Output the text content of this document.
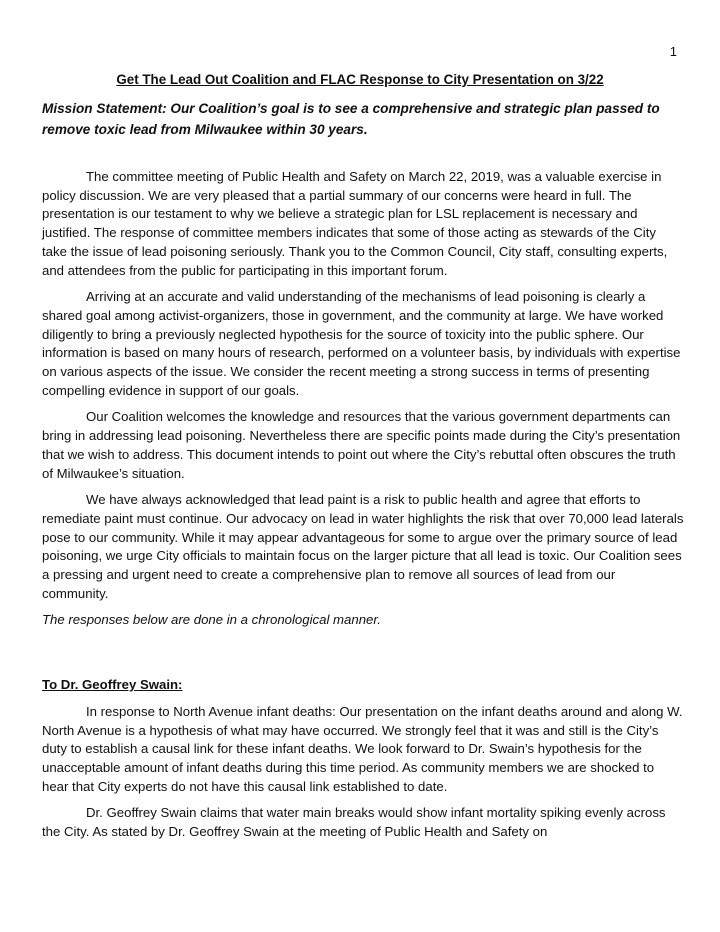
1
Get The Lead Out Coalition and FLAC Response to City Presentation on 3/22
Mission Statement: Our Coalition’s goal is to see a comprehensive and strategic plan passed to remove toxic lead from Milwaukee within 30 years.

The committee meeting of Public Health and Safety on March 22, 2019, was a valuable exercise in policy discussion. We are very pleased that a partial summary of our concerns were heard in full. The presentation is our testament to why we believe a strategic plan for LSL replacement is necessary and justified. The response of committee members indicates that some of those acting as stewards of the City take the issue of lead poisoning seriously. Thank you to the Common Council, City staff, consulting experts, and attendees from the public for participating in this important forum.

Arriving at an accurate and valid understanding of the mechanisms of lead poisoning is clearly a shared goal among activist-organizers, those in government, and the community at large. We have worked diligently to bring a previously neglected hypothesis for the source of toxicity into the public sphere. Our information is based on many hours of research, performed on a volunteer basis, by individuals with expertise on various aspects of the issue. We consider the recent meeting a strong success in terms of presenting compelling evidence in support of our goals.

Our Coalition welcomes the knowledge and resources that the various government departments can bring in addressing lead poisoning. Nevertheless there are specific points made during the City’s presentation that we wish to address. This document intends to point out where the City’s rebuttal often obscures the truth of Milwaukee’s situation.

We have always acknowledged that lead paint is a risk to public health and agree that efforts to remediate paint must continue. Our advocacy on lead in water highlights the risk that over 70,000 lead laterals pose to our community. While it may appear advantageous for some to argue over the primary source of lead poisoning, we urge City officials to maintain focus on the larger picture that all lead is toxic. Our Coalition sees a pressing and urgent need to create a comprehensive plan to remove all sources of lead from our community.

The responses below are done in a chronological manner.

To Dr. Geoffrey Swain:

In response to North Avenue infant deaths: Our presentation on the infant deaths around and along W. North Avenue is a hypothesis of what may have occurred. We strongly feel that it was and still is the City’s duty to establish a causal link for these infant deaths. We look forward to Dr. Swain’s hypothesis for the unacceptable amount of infant deaths during this time period. As community members we are shocked to hear that City experts do not have this causal link established to date.

Dr. Geoffrey Swain claims that water main breaks would show infant mortality spiking evenly across the City. As stated by Dr. Geoffrey Swain at the meeting of Public Health and Safety on
